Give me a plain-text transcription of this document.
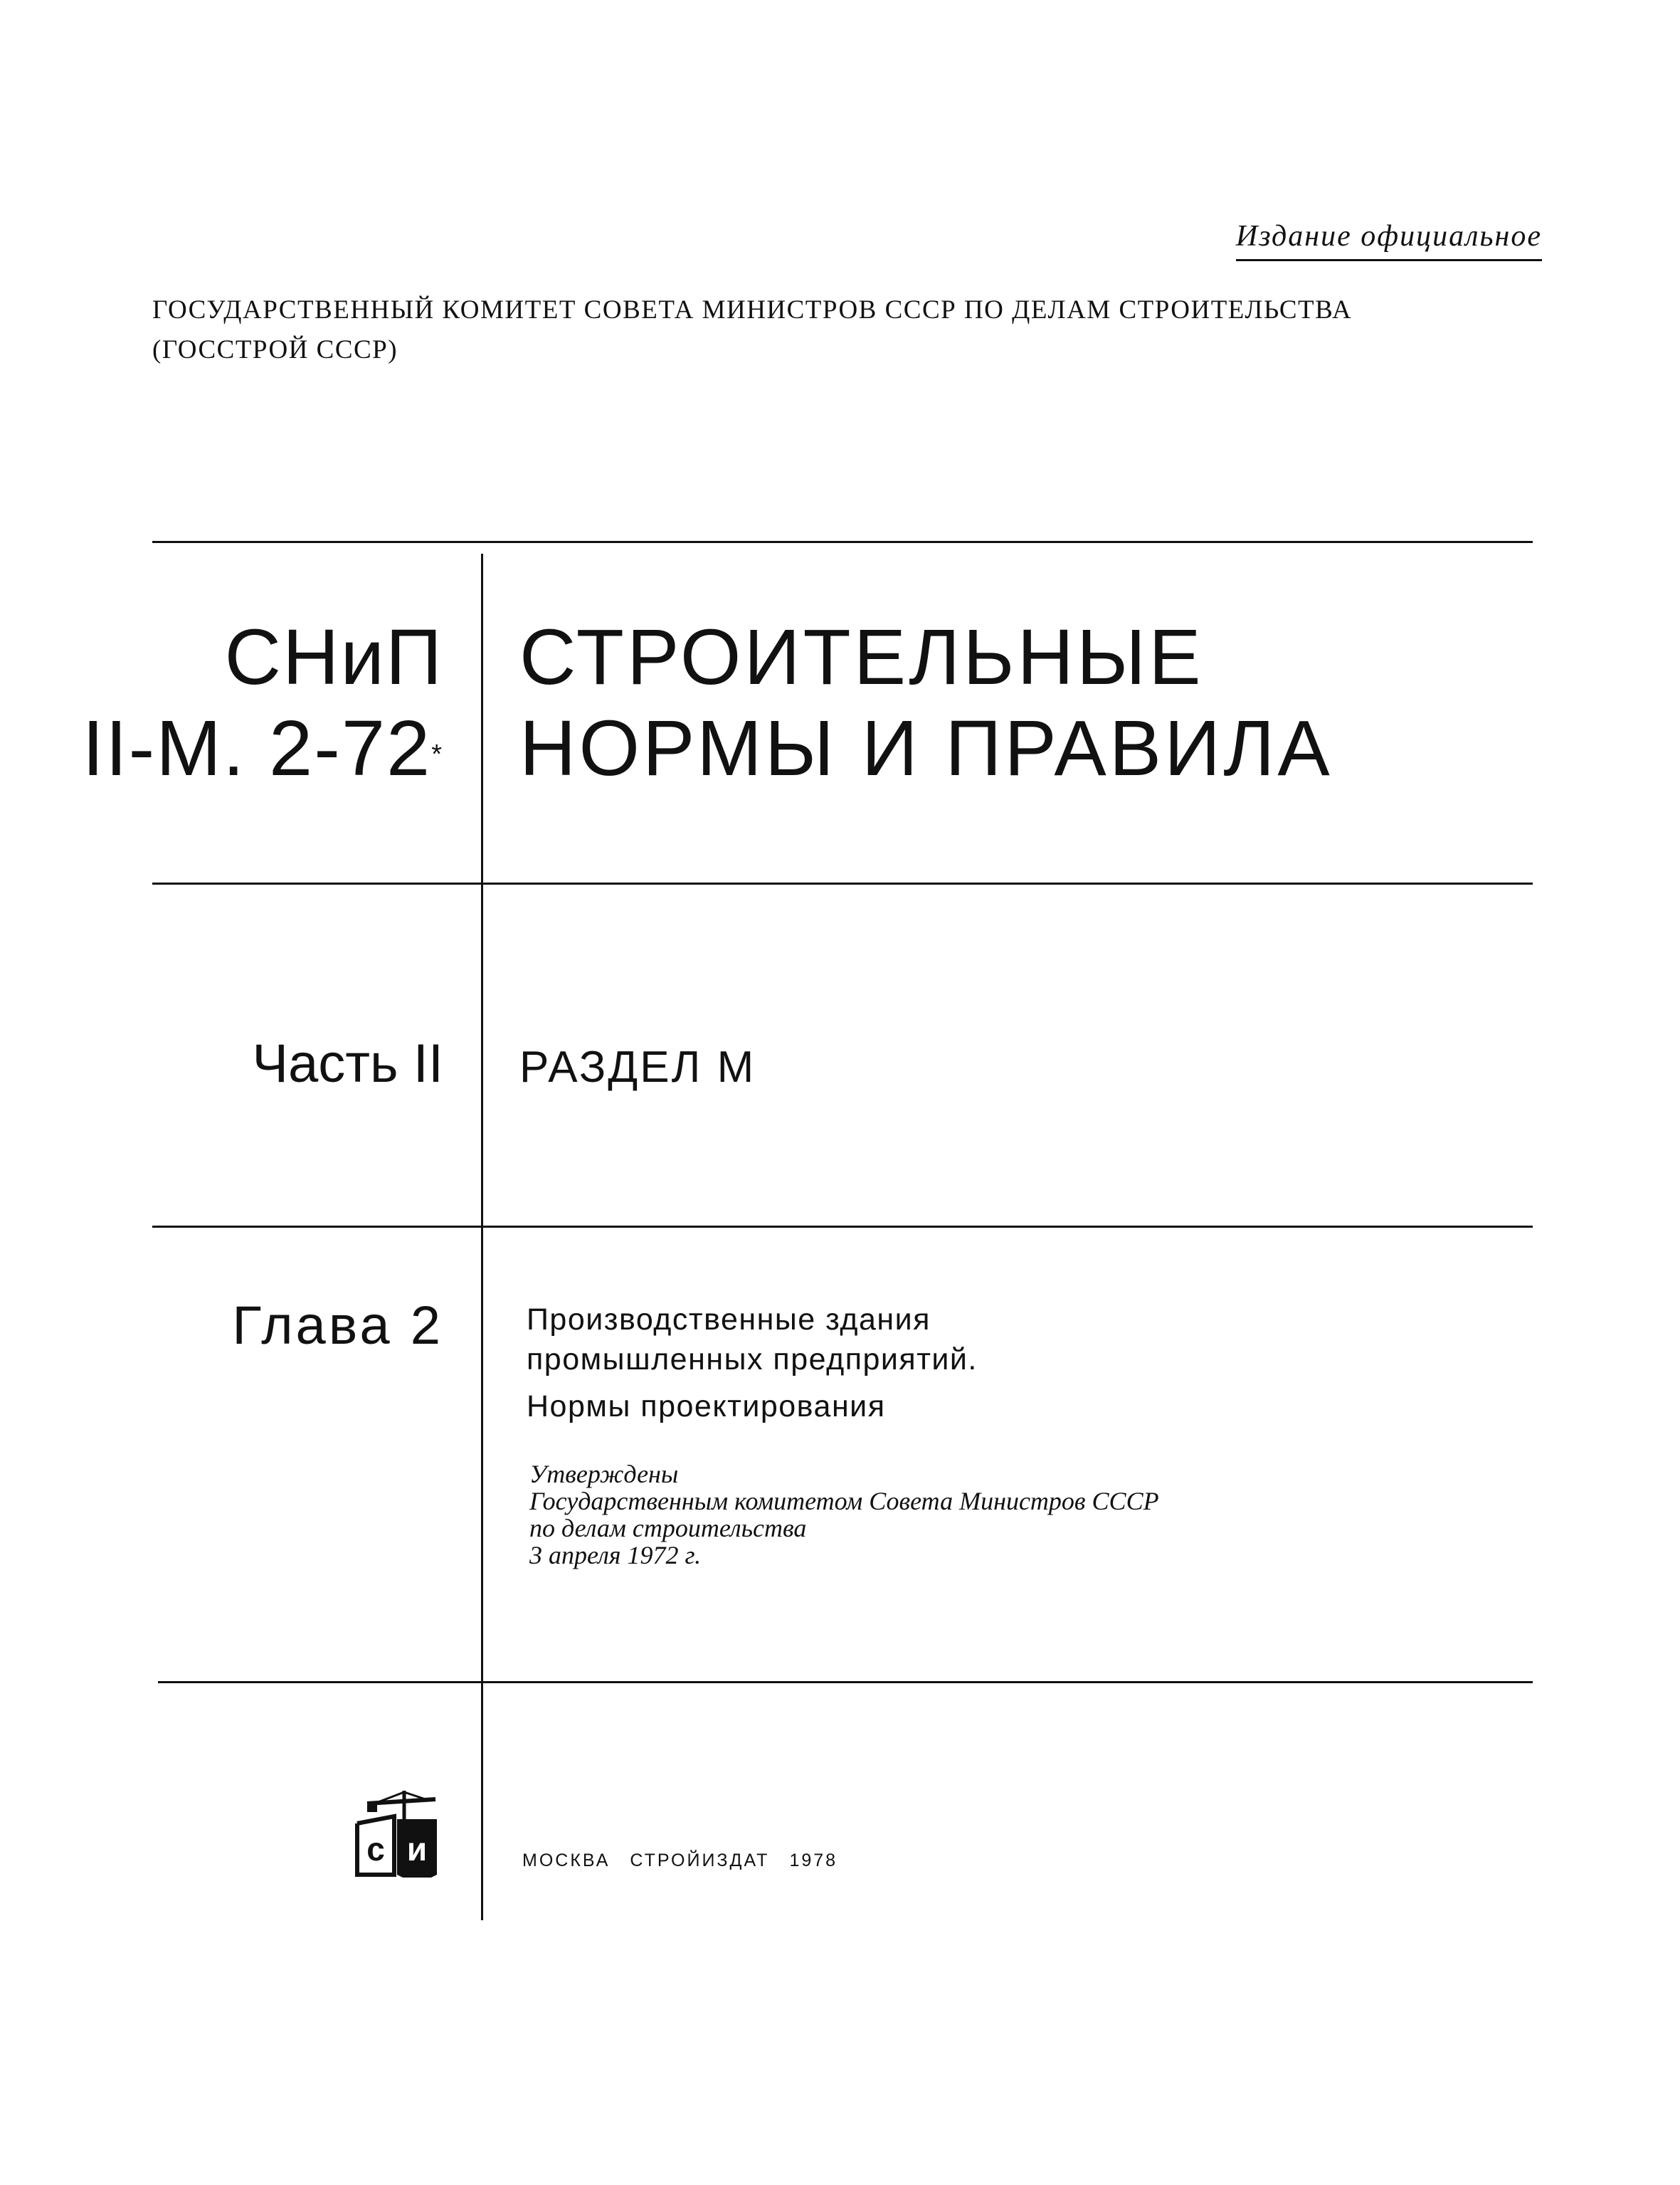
Издание официальное
ГОСУДАРСТВЕННЫЙ КОМИТЕТ СОВЕТА МИНИСТРОВ СССР ПО ДЕЛАМ СТРОИТЕЛЬСТВА
(ГОССТРОЙ СССР)
СНиП
II-М. 2-72*
СТРОИТЕЛЬНЫЕ
НОРМЫ И ПРАВИЛА
Часть II РАЗДЕЛ М
Глава 2	Производственные здания
промышленных предприятий.
Нормы проектирования
Утверждены
Государственным комитетом Совета Министров СССР
по делам строительства
3 апреля 1972 г.
с и	МОСКВА СТРОЙИЗДАТ 1978
